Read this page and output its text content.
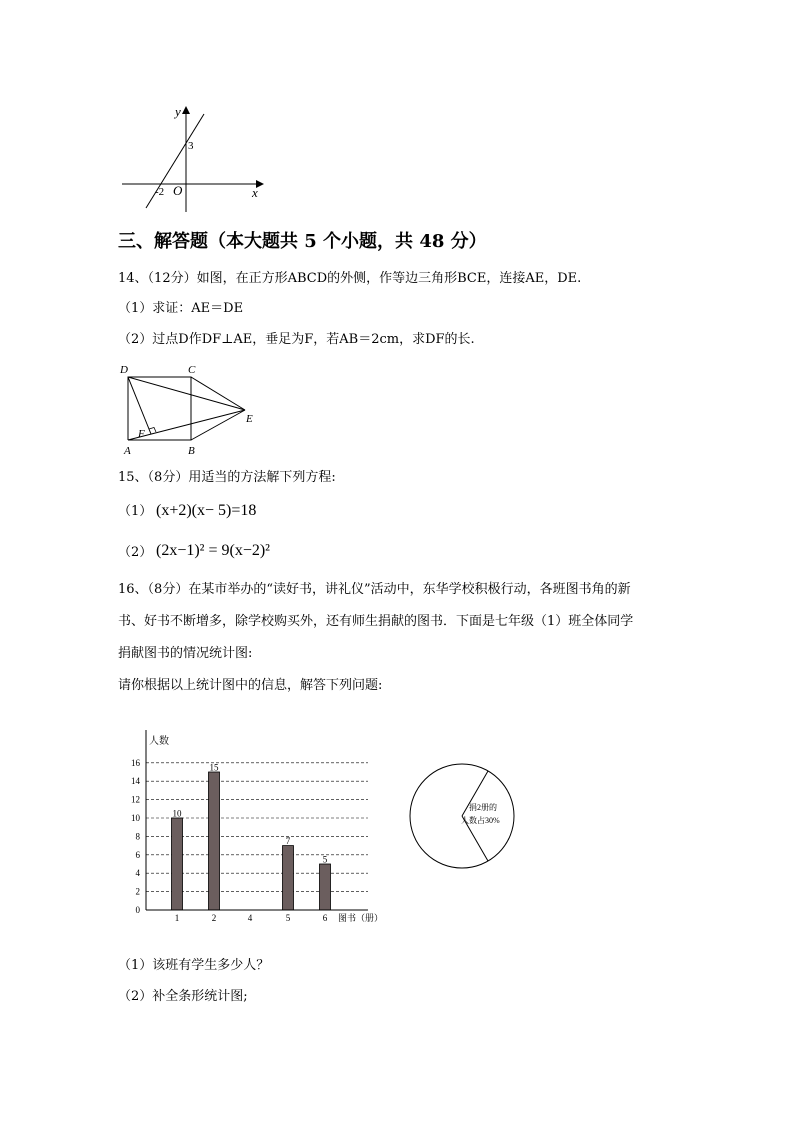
y
x
3
-2 O
三、解答题（本大题共 5 个小题，共 48 分）
14、（12分）如图，在正方形ABCD的外侧，作等边三角形BCE，连接AE，DE.
（1）求证：AE＝DE
（2）过点D作DF⊥AE，垂足为F，若AB＝2cm，求DF的长.
D	C
E
F
A	B
15、（8分）用适当的方法解下列方程:
（1） (x+2)(x− 5)=18
（2） (2x−1)² = 9(x−2)²
16、（8分）在某市举办的“读好书，讲礼仪”活动中，东华学校积极行动，各班图书角的新
书、好书不断增多，除学校购买外，还有师生捐献的图书．下面是七年级（1）班全体同学
捐献图书的情况统计图:
请你根据以上统计图中的信息，解答下列问题:
0
2
4
6
8
10
12
14
16
1
10
2
15
4	5
7
6
5
人数
图书（册）
捐2册的
人数占30%
（1）该班有学生多少人？
（2）补全条形统计图;
